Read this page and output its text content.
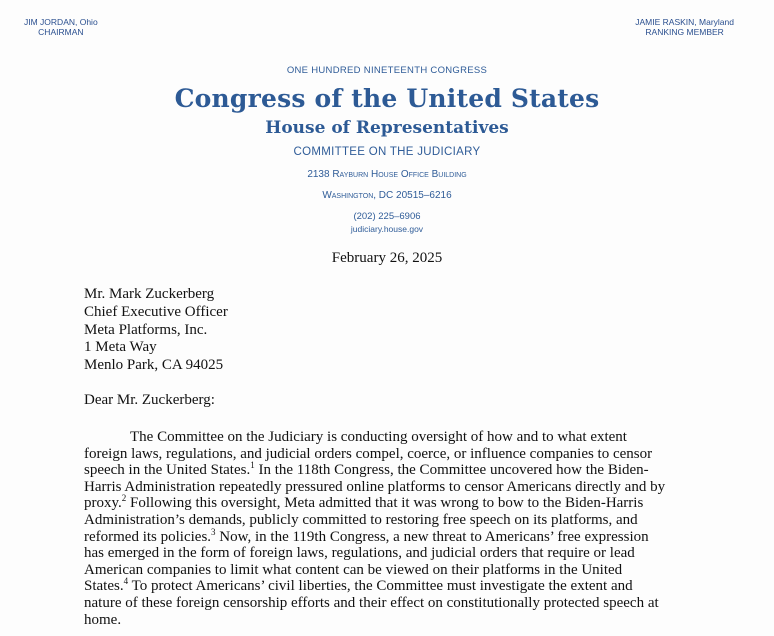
JIM JORDAN, Ohio
CHAIRMAN
JAMIE RASKIN, Maryland
RANKING MEMBER
ONE HUNDRED NINETEENTH CONGRESS
Congress of the United States
House of Representatives
COMMITTEE ON THE JUDICIARY
2138 Rayburn House Office Building
Washington, DC 20515–6216
(202) 225–6906
judiciary.house.gov
February 26, 2025
Mr. Mark Zuckerberg
Chief Executive Officer
Meta Platforms, Inc.
1 Meta Way
Menlo Park, CA 94025
Dear Mr. Zuckerberg:
The Committee on the Judiciary is conducting oversight of how and to what extent
foreign laws, regulations, and judicial orders compel, coerce, or influence companies to censor
speech in the United States.$^1$ In the 118th Congress, the Committee uncovered how the Biden-
Harris Administration repeatedly pressured online platforms to censor Americans directly and by
proxy.$^2$ Following this oversight, Meta admitted that it was wrong to bow to the Biden-Harris
Administration’s demands, publicly committed to restoring free speech on its platforms, and
reformed its policies.$^3$ Now, in the 119th Congress, a new threat to Americans’ free expression
has emerged in the form of foreign laws, regulations, and judicial orders that require or lead
American companies to limit what content can be viewed on their platforms in the United
States.$^4$ To protect Americans’ civil liberties, the Committee must investigate the extent and
nature of these foreign censorship efforts and their effect on constitutionally protected speech at
home.
